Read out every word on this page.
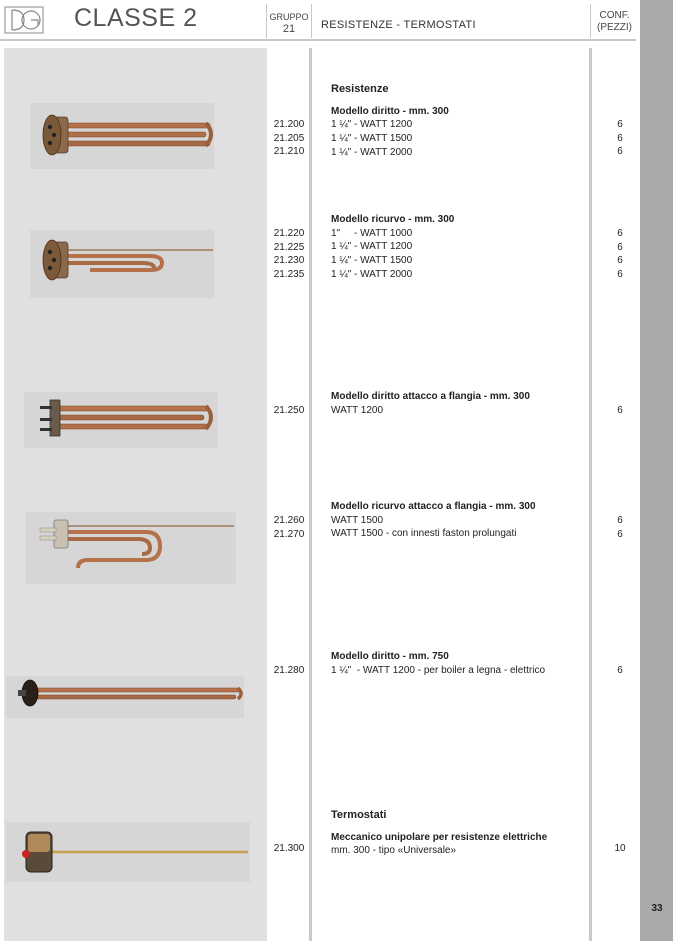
CLASSE 2	GRUPPO
21	RESISTENZE - TERMOSTATI
CONF.
(PEZZI)
33
21.200
21.205
21.210
21.220
21.225
21.230
21.235
21.250
21.260
21.270
21.280
21.300
Resistenze
Modello diritto - mm. 300
1 ¼" - WATT 1200
1 ¼" - WATT 1500
1 ¼" - WATT 2000
Modello ricurvo - mm. 300
1"     - WATT 1000
1 ¼" - WATT 1200
1 ¼" - WATT 1500
1 ¼" - WATT 2000
Modello diritto attacco a flangia - mm. 300
WATT 1200
Modello ricurvo attacco a flangia - mm. 300
WATT 1500
WATT 1500 - con innesti faston prolungati
Modello diritto - mm. 750
1 ¼"  - WATT 1200 - per boiler a legna - elettrico
Termostati
Meccanico unipolare per resistenze elettriche
mm. 300 - tipo «Universale»
6
6
6
6
6
6
6
6
6
6
6
10
